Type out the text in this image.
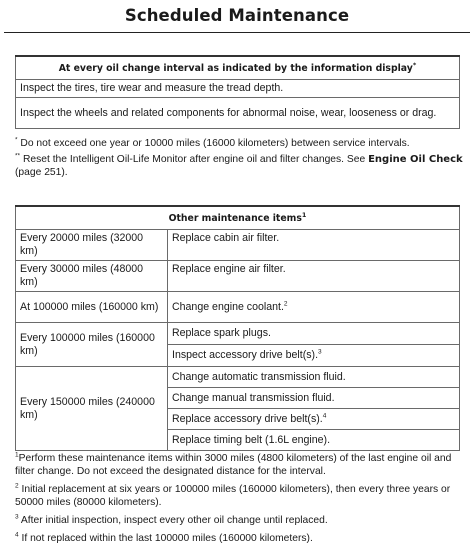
Scheduled Maintenance
At every oil change interval as indicated by the information display*
Inspect the tires, tire wear and measure the tread depth.
Inspect the wheels and related components for abnormal noise, wear, looseness or drag.
* Do not exceed one year or 10000 miles (16000 kilometers) between service intervals.
** Reset the Intelligent Oil-Life Monitor after engine oil and filter changes. See Engine Oil Check (page 251).
Other maintenance items$^1$
Every 20000 miles (32000 km)	Replace cabin air filter.
Every 30000 miles (48000 km)	Replace engine air filter.
At 100000 miles (160000 km)	Change engine coolant.$^2$
Every 100000 miles (160000 km)	Replace spark plugs.
	Inspect accessory drive belt(s).$^3$
Every 150000 miles (240000 km)	Change automatic transmission fluid.
	Change manual transmission fluid.
	Replace accessory drive belt(s).$^4$
	Replace timing belt (1.6L engine).
$^1$Perform these maintenance items within 3000 miles (4800 kilometers) of the last engine oil and filter change. Do not exceed the designated distance for the interval.
$^2$ Initial replacement at six years or 100000 miles (160000 kilometers), then every three years or 50000 miles (80000 kilometers).
$^3$ After initial inspection, inspect every other oil change until replaced.
$^4$ If not replaced within the last 100000 miles (160000 kilometers).
